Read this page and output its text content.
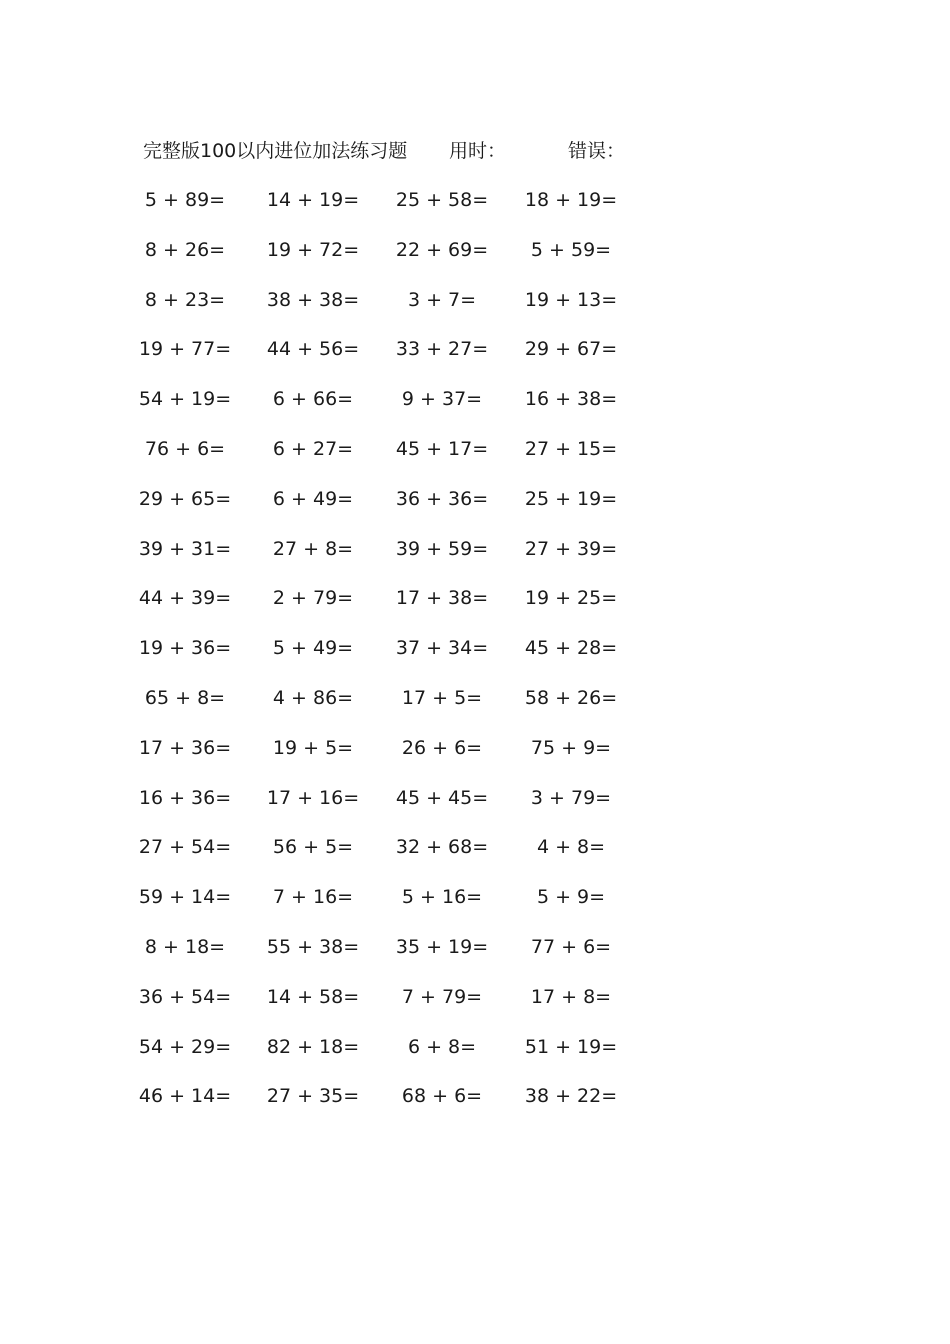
完整版100以内进位加法练习题 用时：	错误：
5 + 89=	14 + 19=	25 + 58=	18 + 19=
8 + 26=	19 + 72=	22 + 69=	5 + 59=
8 + 23=	38 + 38=	3 + 7=	19 + 13=
19 + 77=	44 + 56=	33 + 27=	29 + 67=
54 + 19=	6 + 66=	9 + 37=	16 + 38=
76 + 6=	6 + 27=	45 + 17=	27 + 15=
29 + 65=	6 + 49=	36 + 36=	25 + 19=
39 + 31=	27 + 8=	39 + 59=	27 + 39=
44 + 39=	2 + 79=	17 + 38=	19 + 25=
19 + 36=	5 + 49=	37 + 34=	45 + 28=
65 + 8=	4 + 86=	17 + 5=	58 + 26=
17 + 36=	19 + 5=	26 + 6=	75 + 9=
16 + 36=	17 + 16=	45 + 45=	3 + 79=
27 + 54=	56 + 5=	32 + 68=	4 + 8=
59 + 14=	7 + 16=	5 + 16=	5 + 9=
8 + 18=	55 + 38=	35 + 19=	77 + 6=
36 + 54=	14 + 58=	7 + 79=	17 + 8=
54 + 29=	82 + 18=	6 + 8=	51 + 19=
46 + 14=	27 + 35=	68 + 6=	38 + 22=
